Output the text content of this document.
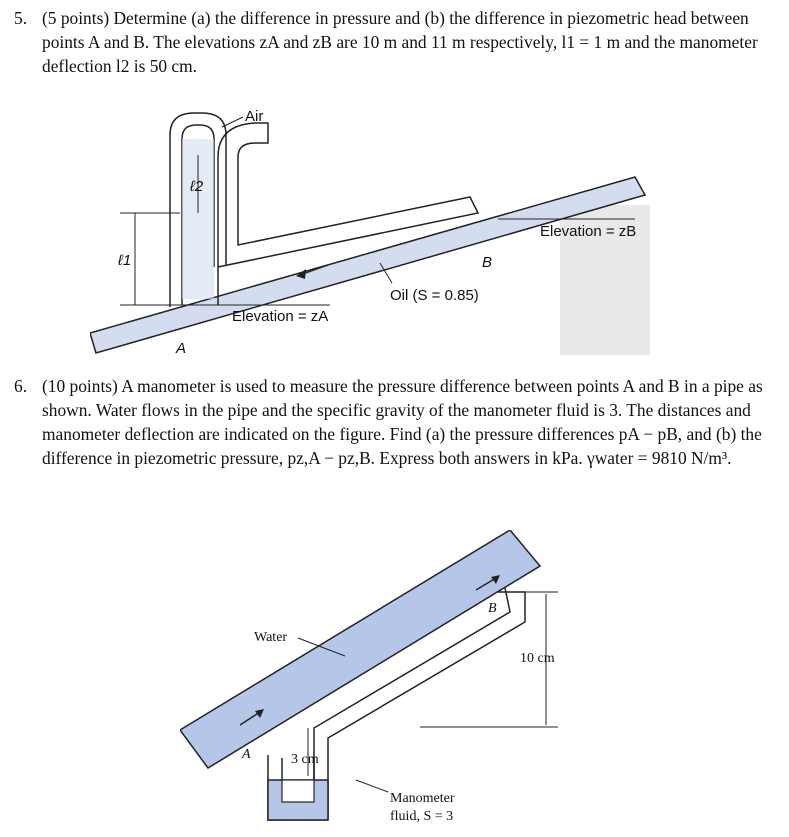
5. (5 points) Determine (a) the difference in pressure and (b) the difference in piezometric head between points A and B. The elevations zA and zB are 10 m and 11 m respectively, l1 = 1 m and the manometer deflection l2 is 50 cm.
Air
ℓ2
ℓ1
Elevation = zB
B
Elevation = zA
A
Oil (S = 0.85)
6. (10 points) A manometer is used to measure the pressure difference between points A and B in a pipe as shown. Water flows in the pipe and the specific gravity of the manometer fluid is 3. The distances and manometer deflection are indicated on the figure. Find (a) the pressure differences pA − pB, and (b) the difference in piezometric pressure, pz,A − pz,B. Express both answers in kPa. γwater = 9810 N/m³.
Water
A
B
10 cm
3 cm
Manometer
fluid, S = 3
